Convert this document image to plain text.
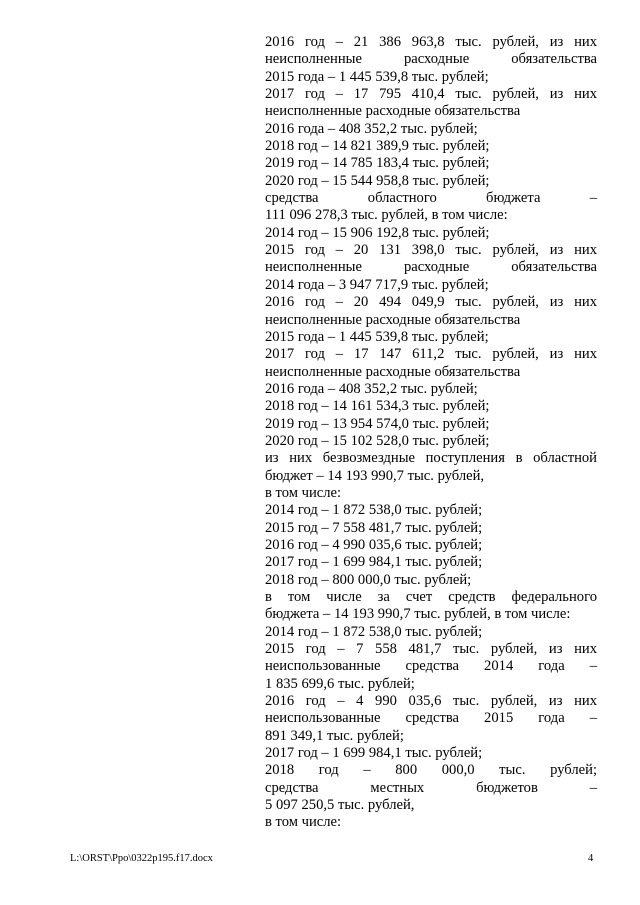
2016 год – 21 386 963,8 тыс. рублей, из них
неисполненные расходные обязательства
2015 года – 1 445 539,8 тыс. рублей;
2017 год – 17 795 410,4 тыс. рублей, из них
неисполненные расходные обязательства
2016 года – 408 352,2 тыс. рублей;
2018 год – 14 821 389,9 тыс. рублей;
2019 год – 14 785 183,4 тыс. рублей;
2020 год – 15 544 958,8 тыс. рублей;
средства областного бюджета –
111 096 278,3 тыс. рублей, в том числе:
2014 год – 15 906 192,8 тыс. рублей;
2015 год – 20 131 398,0 тыс. рублей, из них
неисполненные расходные обязательства
2014 года – 3 947 717,9 тыс. рублей;
2016 год – 20 494 049,9 тыс. рублей, из них
неисполненные расходные обязательства
2015 года – 1 445 539,8 тыс. рублей;
2017 год – 17 147 611,2 тыс. рублей, из них
неисполненные расходные обязательства
2016 года – 408 352,2 тыс. рублей;
2018 год – 14 161 534,3 тыс. рублей;
2019 год – 13 954 574,0 тыс. рублей;
2020 год – 15 102 528,0 тыс. рублей;
из них безвозмездные поступления в областной
бюджет – 14 193 990,7 тыс. рублей,
в том числе:
2014 год – 1 872 538,0 тыс. рублей;
2015 год – 7 558 481,7 тыс. рублей;
2016 год – 4 990 035,6 тыс. рублей;
2017 год – 1 699 984,1 тыс. рублей;
2018 год – 800 000,0 тыс. рублей;
в том числе за счет средств федерального
бюджета – 14 193 990,7 тыс. рублей, в том числе:
2014 год – 1 872 538,0 тыс. рублей;
2015 год – 7 558 481,7 тыс. рублей, из них
неиспользованные средства 2014 года –
1 835 699,6 тыс. рублей;
2016 год – 4 990 035,6 тыс. рублей, из них
неиспользованные средства 2015 года –
891 349,1 тыс. рублей;
2017 год – 1 699 984,1 тыс. рублей;
2018 год – 800 000,0 тыс. рублей;
средства местных бюджетов –
5 097 250,5 тыс. рублей,
в том числе:
L:\ORST\Ppo\0322p195.f17.docx	4
